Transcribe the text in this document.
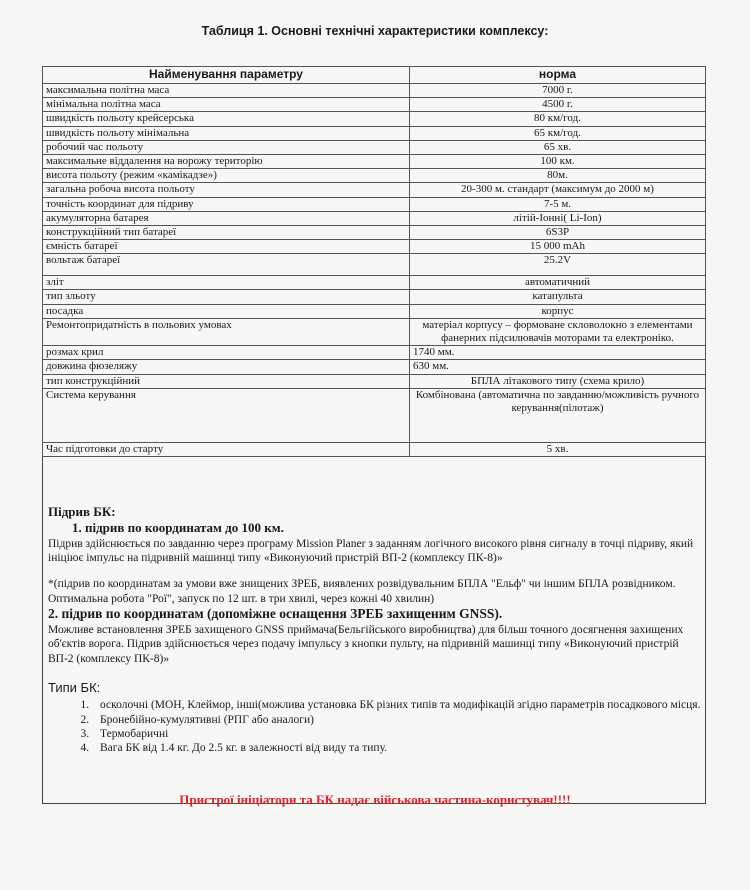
Таблиця 1. Основні технічні характеристики комплексу:
Найменування параметру	норма
максимальна політна маса	7000 г.
мінімальна політна маса	4500 г.
швидкість польоту крейсерська	80 км/год.
швидкість польоту мінімальна	65 км/год.
робочий час польоту	65 хв.
максимальне віддалення на ворожу територію	100 км.
висота польоту (режим «камікадзе»)	80м.
загальна робоча висота польоту	20-300 м. стандарт (максимум до 2000 м)
точність координат для підриву	7-5 м.
акумуляторна батарея	літій-Іонні( Li-Ion)
конструкційний тип батареї	6S3P
ємність батареї	15 000 mAh
вольтаж батареї	25.2V
зліт	автоматичний
тип зльоту	катапульта
посадка	корпус
Ремонтопридатність в польових умовах	матеріал корпусу – формоване скловолокно з елементами фанерних підсилювачів моторами та електроніко.
розмах крил	1740 мм.
довжина фюзеляжу	630 мм.
тип конструкційний	БПЛА літакового типу (схема крило)
Система керування	Комбінована (автоматична по завданню/можливість ручного керування(пілотаж)
Час підготовки до старту	5 хв.
Підрив БК:
1. підрив по координатам до 100 км.

Підрив здійснюється по завданню через програму Mission Planer з заданням логічного високого рівня сигналу в точці підриву, який ініціює імпульс на підривній машинці типу «Виконуючий пристрій ВП-2 (комплексу ПК-8)»

*(підрив по координатам за умови вже знищених ЗРЕБ, виявлених розвідувальним БПЛА "Ельф" чи іншим БПЛА розвідником. Оптимальна робота "Рої", запуск по 12 шт. в три хвилі, через кожні 40 хвилин)

2. підрив по координатам (допоміжне оснащення ЗРЕБ захищеним GNSS).

Можливе встановлення ЗРЕБ захищеного GNSS приймача(Бельгійського виробництва) для більш точного досягнення захищених об'єктів ворога. Підрив здійснюється через подачу імпульсу з кнопки пульту, на підривній машинці типу «Виконуючий пристрій ВП-2 (комплексу ПК-8)»

Типи БК:
1. осколочні (МОН, Клеймор, інші(можлива установка БК різних типів та модифікацій згідно параметрів посадкового місця.
2. Бронебійно-кумулятивні (РПГ або аналоги)
3. Термобаричні
4. Вага БК від 1.4 кг. До 2.5 кг. в залежності від виду та типу.
Пристрої ініціатори та БК надає військова частина-користувач!!!!
